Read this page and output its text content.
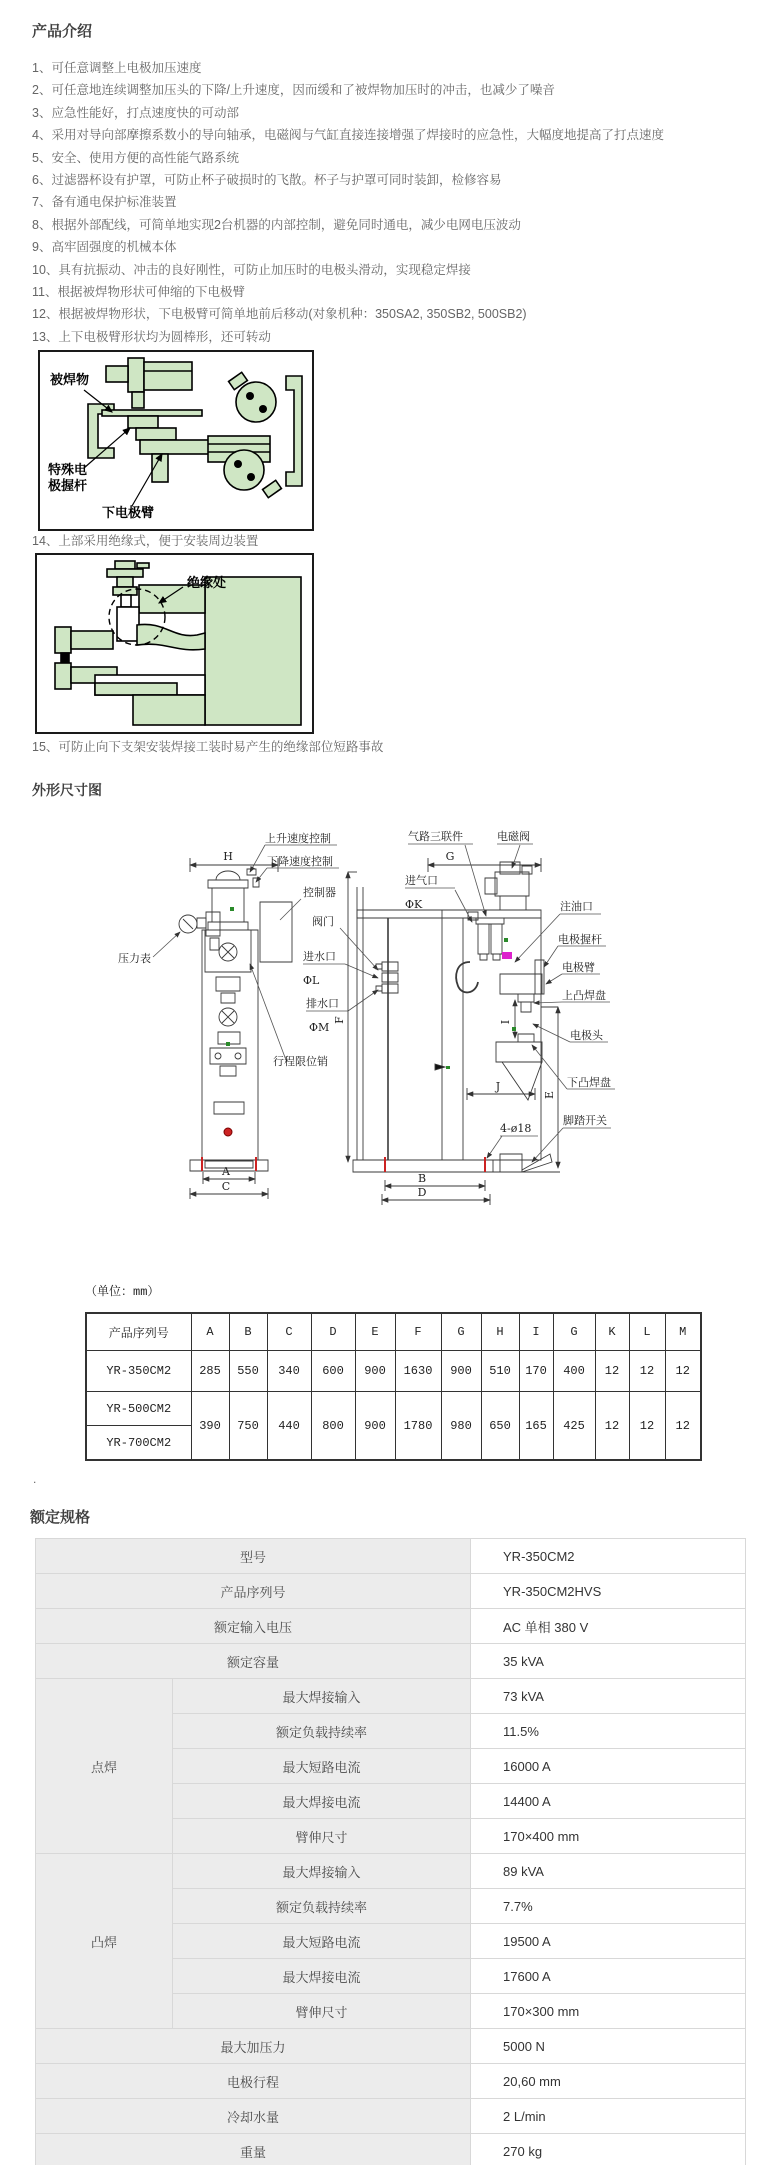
产品介绍
1、可任意调整上电极加压速度
2、可任意地连续调整加压头的下降/上升速度，因而缓和了被焊物加压时的冲击，也减少了噪音
3、应急性能好，打点速度快的可动部
4、采用对导向部摩擦系数小的导向轴承，电磁阀与气缸直接连接增强了焊接时的应急性，大幅度地提高了打点速度
5、安全、使用方便的高性能气路系统
6、过滤器杯设有护罩，可防止杯子破损时的飞散。杯子与护罩可同时装卸，检修容易
7、备有通电保护标准装置
8、根据外部配线，可简单地实现2台机器的内部控制，避免同时通电，减少电网电压波动
9、高牢固强度的机械本体
10、具有抗振动、冲击的良好刚性，可防止加压时的电极头滑动，实现稳定焊接
11、根据被焊物形状可伸缩的下电极臂
12、根据被焊物形状，下电极臂可简单地前后移动(对象机种：350SA2, 350SB2, 500SB2)
13、上下电极臂形状均为圆棒形，还可转动
被焊物
特殊电
极握杆
下电极臂
14、上部采用绝缘式，便于安装周边装置
绝缘处
15、可防止向下支架安装焊接工装时易产生的绝缘部位短路事故
外形尺寸图
H
上升速度控制
下降速度控制
控制器
压力表
行程限位销
阀门
进水口
ΦL
排水口
ΦM
A
C
G
气路三联件	电磁阀
进气口
ΦK
F	I
J
E
注油口
电极握杆
电极臂
上凸焊盘
电极头
下凸焊盘
脚踏开关
4-ø18
B
D
（单位：mm）
产品序列号	A	B	C	D	E	F	G	H	I	G	K	L	M
YR-350CM2	285	550	340	600	900	1630	900	510	170	400	12	12	12
YR-500CM2	390	750	440	800	900	1780	980	650	165	425	12	12	12
YR-700CM2													
.
额定规格
型号		YR-350CM2
产品序列号		YR-350CM2HVS
额定输入电压		AC 单相 380 V
额定容量		35 kVA
点焊	最大焊接输入	73 kVA
	额定负载持续率	11.5%
	最大短路电流	16000 A
	最大焊接电流	14400 A
	臂伸尺寸	170×400 mm
凸焊	最大焊接输入	89 kVA
	额定负载持续率	7.7%
	最大短路电流	19500 A
	最大焊接电流	17600 A
	臂伸尺寸	170×300 mm
最大加压力		5000 N
电极行程		20,60 mm
冷却水量		2 L/min
重量		270 kg
